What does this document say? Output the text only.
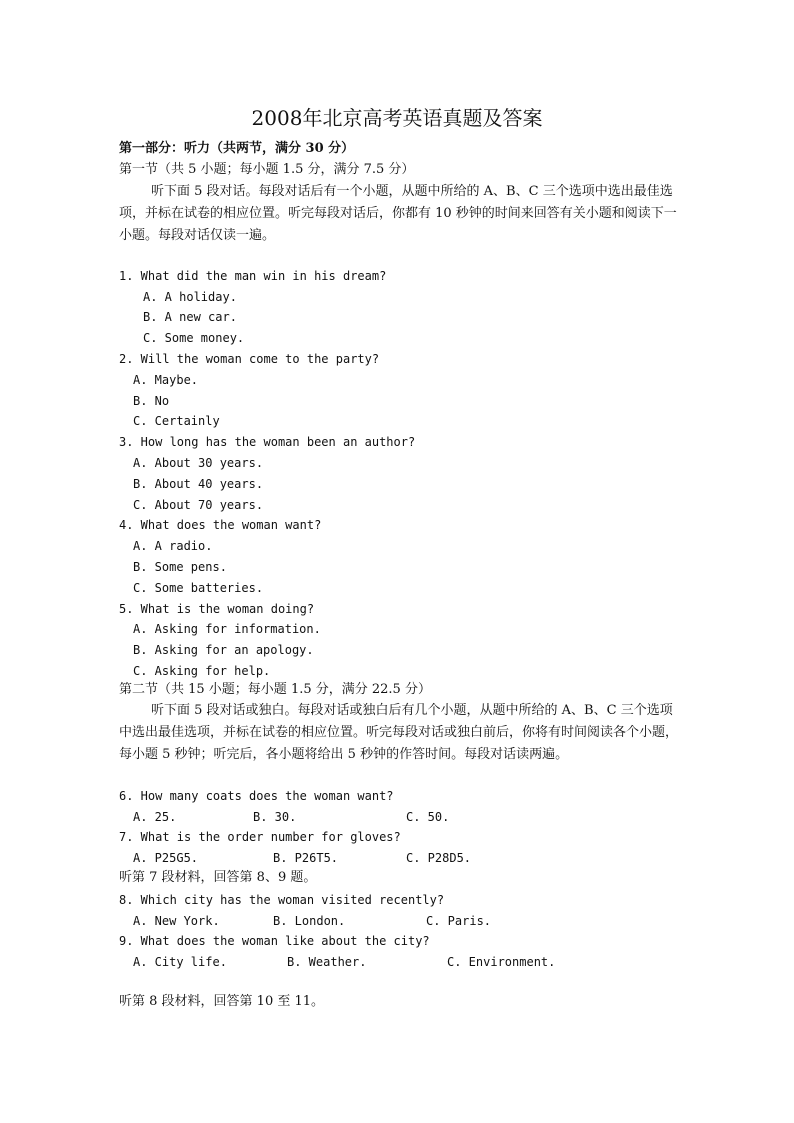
2008年北京高考英语真题及答案
第一部分：听力（共两节，满分 30 分）
第一节（共 5 小题；每小题 1.5 分，满分 7.5 分）
听下面 5 段对话。每段对话后有一个小题，从题中所给的 A、B、C 三个选项中选出最佳选项，并标在试卷的相应位置。听完每段对话后，你都有 10 秒钟的时间来回答有关小题和阅读下一小题。每段对话仅读一遍。
1. What did the man win in his dream?
A. A holiday.
B. A new car.
C. Some money.
2. Will the woman come to the party?
A. Maybe.
B. No
C. Certainly
3. How long has the woman been an author?
A. About 30 years.
B. About 40 years.
C. About 70 years.
4. What does the woman want?
A. A radio.
B. Some pens.
C. Some batteries.
5. What is the woman doing?
A. Asking for information.
B. Asking for an apology.
C. Asking for help.
第二节（共 15 小题；每小题 1.5 分，满分 22.5 分）
听下面 5 段对话或独白。每段对话或独白后有几个小题，从题中所给的 A、B、C 三个选项中选出最佳选项，并标在试卷的相应位置。听完每段对话或独白前后，你将有时间阅读各个小题，每小题 5 秒钟；听完后，各小题将给出 5 秒钟的作答时间。每段对话读两遍。
6. How many coats does the woman want?
A. 25.	B. 30.	C. 50.
7. What is the order number for gloves?
A. P25G5.	B. P26T5.	C. P28D5.
听第 7 段材料，回答第 8、9 题。
8. Which city has the woman visited recently?
A. New York.	B. London.	C. Paris.
9. What does the woman like about the city?
A. City life.	B. Weather.	C. Environment.
听第 8 段材料，回答第 10 至 11。
